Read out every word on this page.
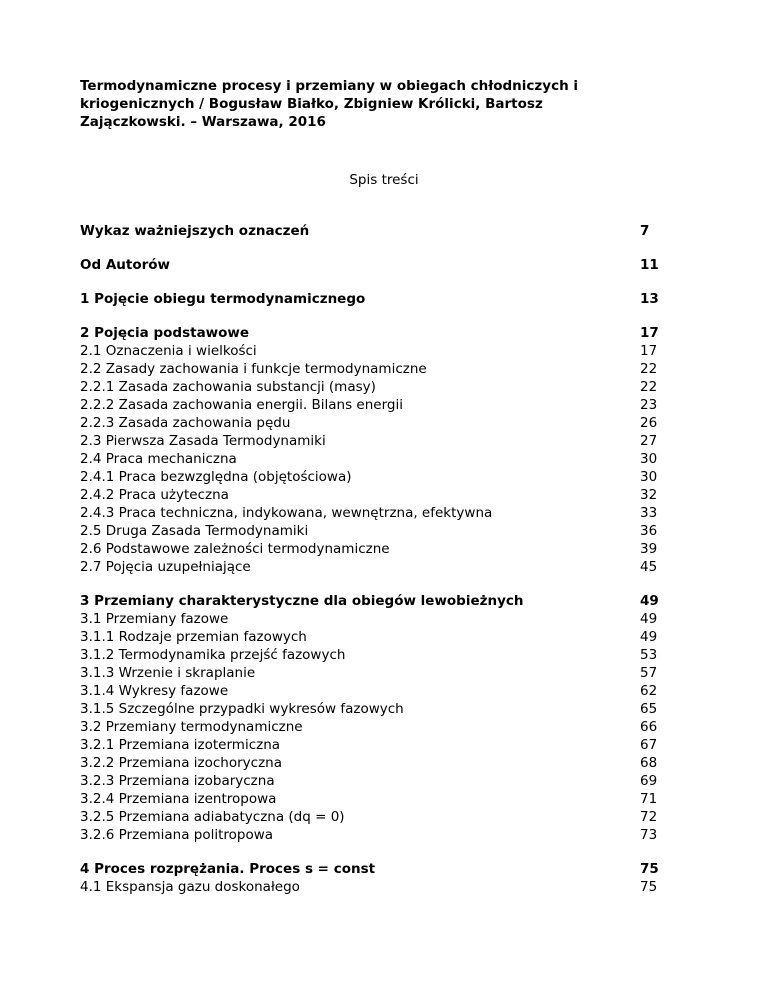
Termodynamiczne procesy i przemiany w obiegach chłodniczych i
kriogenicznych / Bogusław Białko, Zbigniew Królicki, Bartosz
Zajączkowski. – Warszawa, 2016
Spis treści
Wykaz ważniejszych oznaczeń	7
Od Autorów	11
1 Pojęcie obiegu termodynamicznego	13
2 Pojęcia podstawowe	17
2.1 Oznaczenia i wielkości	17
2.2 Zasady zachowania i funkcje termodynamiczne	22
2.2.1 Zasada zachowania substancji (masy)	22
2.2.2 Zasada zachowania energii. Bilans energii	23
2.2.3 Zasada zachowania pędu	26
2.3 Pierwsza Zasada Termodynamiki	27
2.4 Praca mechaniczna	30
2.4.1 Praca bezwzględna (objętościowa)	30
2.4.2 Praca użyteczna	32
2.4.3 Praca techniczna, indykowana, wewnętrzna, efektywna	33
2.5 Druga Zasada Termodynamiki	36
2.6 Podstawowe zależności termodynamiczne	39
2.7 Pojęcia uzupełniające	45
3 Przemiany charakterystyczne dla obiegów lewobieżnych	49
3.1 Przemiany fazowe	49
3.1.1 Rodzaje przemian fazowych	49
3.1.2 Termodynamika przejść fazowych	53
3.1.3 Wrzenie i skraplanie	57
3.1.4 Wykresy fazowe	62
3.1.5 Szczególne przypadki wykresów fazowych	65
3.2 Przemiany termodynamiczne	66
3.2.1 Przemiana izotermiczna	67
3.2.2 Przemiana izochoryczna	68
3.2.3 Przemiana izobaryczna	69
3.2.4 Przemiana izentropowa	71
3.2.5 Przemiana adiabatyczna (dq = 0)	72
3.2.6 Przemiana politropowa	73
4 Proces rozprężania. Proces s = const	75
4.1 Ekspansja gazu doskonałego	75
